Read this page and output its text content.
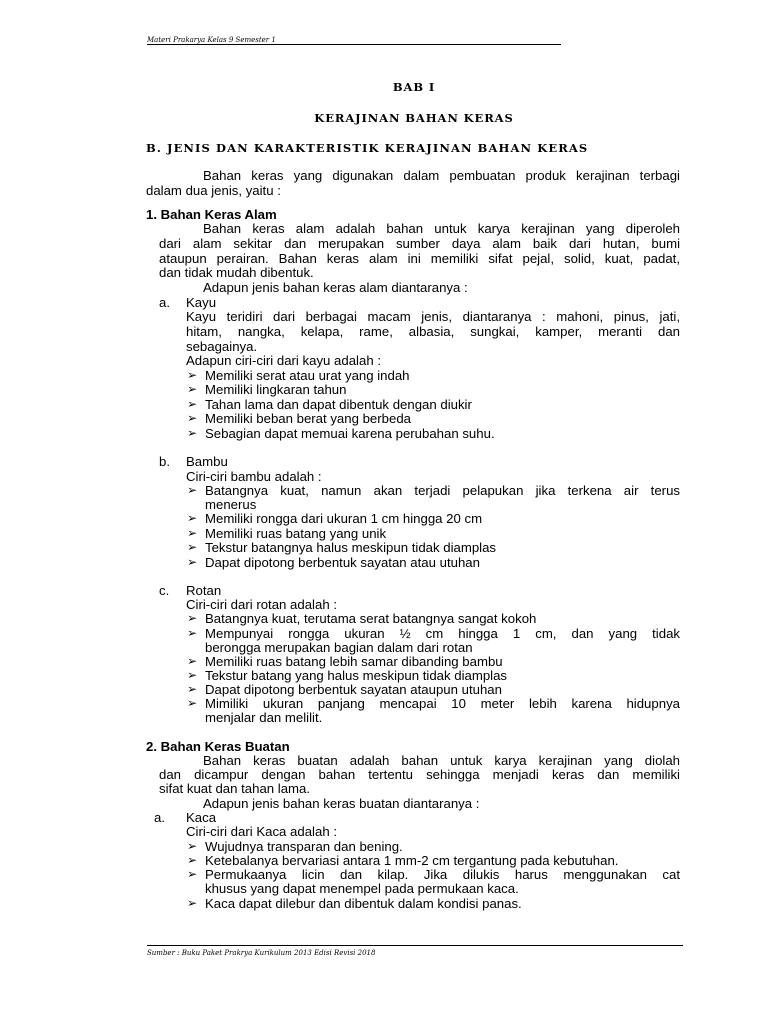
Materi Prakarya Kelas 9 Semester 1
BAB I
KERAJINAN BAHAN KERAS
B. JENIS DAN KARAKTERISTIK KERAJINAN BAHAN KERAS
Bahan keras yang digunakan dalam pembuatan produk kerajinan terbagi
dalam dua jenis, yaitu :
1. Bahan Keras Alam
Bahan keras alam adalah bahan untuk karya kerajinan yang diperoleh
dari alam sekitar dan merupakan sumber daya alam baik dari hutan, bumi
ataupun perairan. Bahan keras alam ini memiliki sifat pejal, solid, kuat, padat,
dan tidak mudah dibentuk.
Adapun jenis bahan keras alam diantaranya :
a. Kayu
Kayu teridiri dari berbagai macam jenis, diantaranya : mahoni, pinus, jati,
hitam, nangka, kelapa, rame, albasia, sungkai, kamper, meranti dan
sebagainya.
Adapun ciri-ciri dari kayu adalah :
➢ Memiliki serat atau urat yang indah
➢ Memiliki lingkaran tahun
➢ Tahan lama dan dapat dibentuk dengan diukir
➢ Memiliki beban berat yang berbeda
➢ Sebagian dapat memuai karena perubahan suhu.
b. Bambu
Ciri-ciri bambu adalah :
➢ Batangnya kuat, namun akan terjadi pelapukan jika terkena air terus
menerus
➢ Memiliki rongga dari ukuran 1 cm hingga 20 cm
➢ Memiliki ruas batang yang unik
➢ Tekstur batangnya halus meskipun tidak diamplas
➢ Dapat dipotong berbentuk sayatan atau utuhan
c. Rotan
Ciri-ciri dari rotan adalah :
➢ Batangnya kuat, terutama serat batangnya sangat kokoh
➢ Mempunyai rongga ukuran ½ cm hingga 1 cm, dan yang tidak
berongga merupakan bagian dalam dari rotan
➢ Memiliki ruas batang lebih samar dibanding bambu
➢ Tekstur batang yang halus meskipun tidak diamplas
➢ Dapat dipotong berbentuk sayatan ataupun utuhan
➢ Mimiliki ukuran panjang mencapai 10 meter lebih karena hidupnya
menjalar dan melilit.
2. Bahan Keras Buatan
Bahan keras buatan adalah bahan untuk karya kerajinan yang diolah
dan dicampur dengan bahan tertentu sehingga menjadi keras dan memiliki
sifat kuat dan tahan lama.
Adapun jenis bahan keras buatan diantaranya :
a. Kaca
Ciri-ciri dari Kaca adalah :
➢ Wujudnya transparan dan bening.
➢ Ketebalanya bervariasi antara 1 mm-2 cm tergantung pada kebutuhan.
➢ Permukaanya licin dan kilap. Jika dilukis harus menggunakan cat
khusus yang dapat menempel pada permukaan kaca.
➢ Kaca dapat dilebur dan dibentuk dalam kondisi panas.
Sumber : Buku Paket Prakrya Kurikulum 2013 Edisi Revisi 2018
